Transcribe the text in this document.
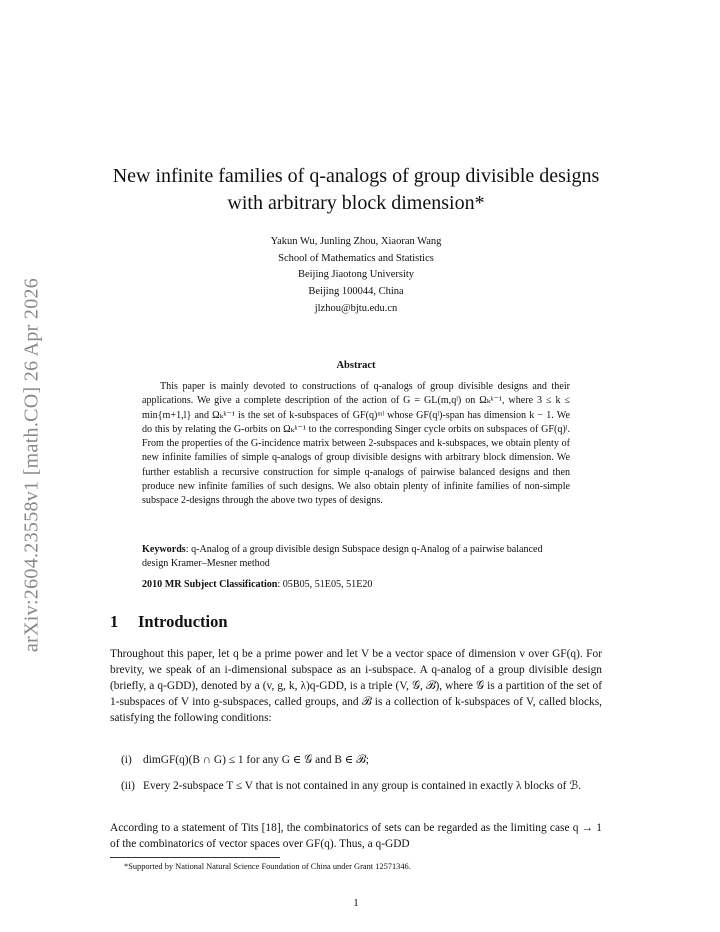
arXiv:2604.23558v1 [math.CO] 26 Apr 2026
New infinite families of q-analogs of group divisible designs
with arbitrary block dimension*
Yakun Wu, Junling Zhou, Xiaoran Wang
School of Mathematics and Statistics
Beijing Jiaotong University
Beijing 100044, China
jlzhou@bjtu.edu.cn
Abstract

This paper is mainly devoted to constructions of q-analogs of group divisible designs and their applications. We give a complete description of the action of G = GL(m,qˡ) on Ωₖᵏ⁻¹, where 3 ≤ k ≤ min{m+1,l} and Ωₖᵏ⁻¹ is the set of k-subspaces of GF(q)ᵐˡ whose GF(qˡ)-span has dimension k − 1. We do this by relating the G-orbits on Ωₖᵏ⁻¹ to the corresponding Singer cycle orbits on subspaces of GF(q)ˡ. From the properties of the G-incidence matrix between 2-subspaces and k-subspaces, we obtain plenty of new infinite families of simple q-analogs of group divisible designs with arbitrary block dimension. We further establish a recursive construction for simple q-analogs of pairwise balanced designs and then produce new infinite families of such designs. We also obtain plenty of infinite families of non-simple subspace 2-designs through the above two types of designs.

Keywords: q-Analog of a group divisible design Subspace design q-Analog of a pairwise balanced design Kramer–Mesner method
2010 MR Subject Classification: 05B05, 51E05, 51E20
1 Introduction
Throughout this paper, let q be a prime power and let V be a vector space of dimension v over GF(q). For brevity, we speak of an i-dimensional subspace as an i-subspace. A q-analog of a group divisible design (briefly, a q-GDD), denoted by a (v, g, k, λ)q-GDD, is a triple (V, 𝒢, ℬ), where 𝒢 is a partition of the set of 1-subspaces of V into g-subspaces, called groups, and ℬ is a collection of k-subspaces of V, called blocks, satisfying the following conditions:
(i) dimGF(q)(B ∩ G) ≤ 1 for any G ∈ 𝒢 and B ∈ ℬ;
(ii) Every 2-subspace T ≤ V that is not contained in any group is contained in exactly λ blocks of ℬ.
According to a statement of Tits [18], the combinatorics of sets can be regarded as the limiting case q → 1 of the combinatorics of vector spaces over GF(q). Thus, a q-GDD
*Supported by National Natural Science Foundation of China under Grant 12571346.
1
